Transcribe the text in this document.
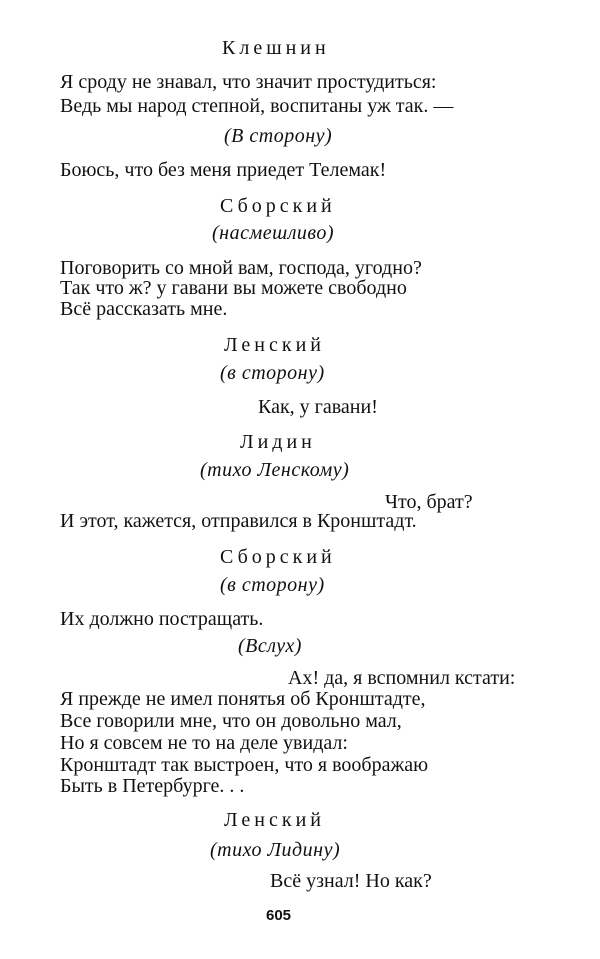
Клешнин

Я сроду не знавал, что значит простудиться:

Ведь мы народ степной, воспитаны уж так. —

(В сторону)

Боюсь, что без меня приедет Телемак!

Сборский

(насмешливо)

Поговорить со мной вам, господа, угодно?

Так что ж? у гавани вы можете свободно

Всё рассказать мне.

Ленский

(в сторону)

Как, у гавани!

Лидин

(тихо Ленскому)

Что, брат?

И этот, кажется, отправился в Кронштадт.

Сборский

(в сторону)

Их должно постращать.

(Вслух)

Ах! да, я вспомнил кстати:

Я прежде не имел понятья об Кронштадте,

Все говорили мне, что он довольно мал,

Но я совсем не то на деле увидал:

Кронштадт так выстроен, что я воображаю

Быть в Петербурге. . .

Ленский

(тихо Лидину)

Всё узнал! Но как?

605
